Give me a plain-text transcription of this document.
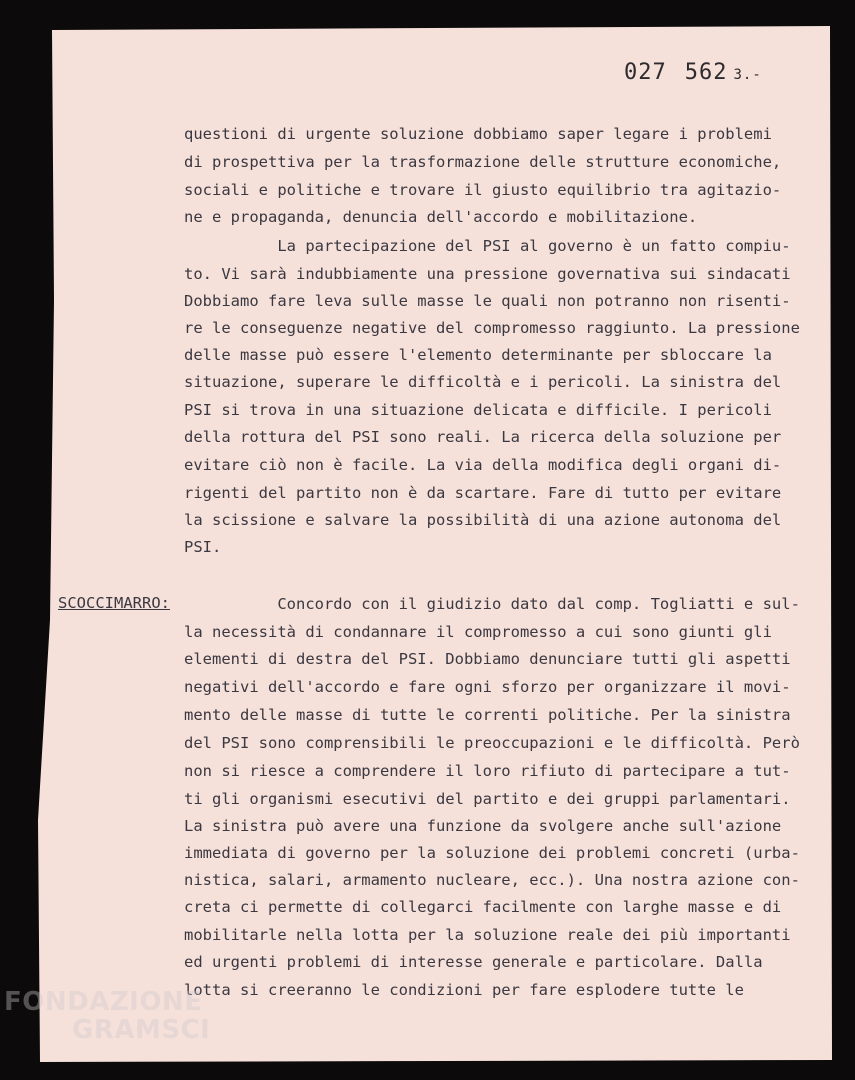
027 562 3.-
questioni di urgente soluzione dobbiamo saper legare i problemi
di prospettiva per la trasformazione delle strutture economiche,
sociali e politiche e trovare il giusto equilibrio tra agitazio-
ne e propaganda, denuncia dell'accordo e mobilitazione.
La partecipazione del PSI al governo è un fatto compiu-
to. Vi sarà indubbiamente una pressione governativa sui sindacati
Dobbiamo fare leva sulle masse le quali non potranno non risenti-
re le conseguenze negative del compromesso raggiunto. La pressione
delle masse può essere l'elemento determinante per sbloccare la
situazione, superare le difficoltà e i pericoli. La sinistra del
PSI si trova in una situazione delicata e difficile. I pericoli
della rottura del PSI sono reali. La ricerca della soluzione per
evitare ciò non è facile. La via della modifica degli organi di-
rigenti del partito non è da scartare. Fare di tutto per evitare
la scissione e salvare la possibilità di una azione autonoma del
PSI.
SCOCCIMARRO: Concordo con il giudizio dato dal comp. Togliatti e sul-
la necessità di condannare il compromesso a cui sono giunti gli
elementi di destra del PSI. Dobbiamo denunciare tutti gli aspetti
negativi dell'accordo e fare ogni sforzo per organizzare il movi-
mento delle masse di tutte le correnti politiche. Per la sinistra
del PSI sono comprensibili le preoccupazioni e le difficoltà. Però
non si riesce a comprendere il loro rifiuto di partecipare a tut-
ti gli organismi esecutivi del partito e dei gruppi parlamentari.
La sinistra può avere una funzione da svolgere anche sull'azione
immediata di governo per la soluzione dei problemi concreti (urba-
nistica, salari, armamento nucleare, ecc.). Una nostra azione con-
creta ci permette di collegarci facilmente con larghe masse e di
mobilitarle nella lotta per la soluzione reale dei più importanti
ed urgenti problemi di interesse generale e particolare. Dalla
lotta si creeranno le condizioni per fare esplodere tutte le
FONDAZIONE
GRAMSCI
